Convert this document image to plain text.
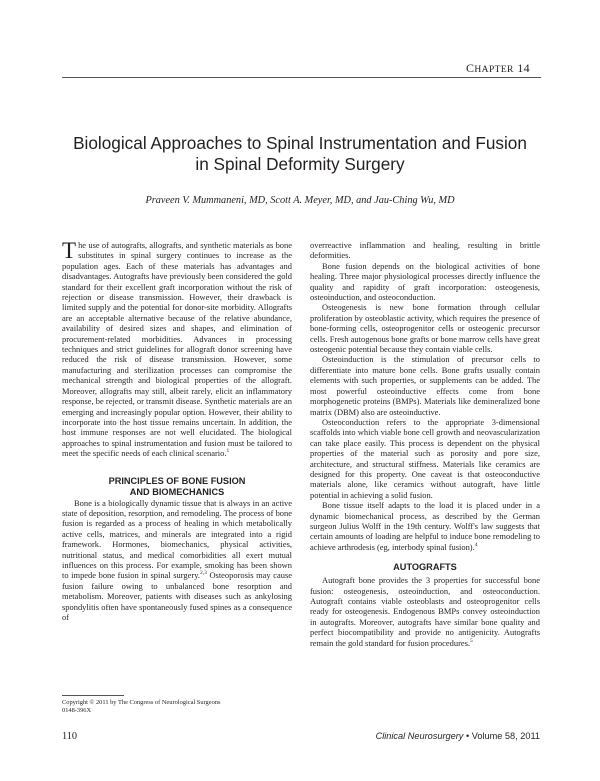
CHAPTER 14
Biological Approaches to Spinal Instrumentation and Fusion
in Spinal Deformity Surgery
Praveen V. Mummaneni, MD, Scott A. Meyer, MD, and Jau-Ching Wu, MD

The use of autografts, allografts, and synthetic materials as bone substitutes in spinal surgery continues to increase as the population ages. Each of these materials has advantages and disadvantages. Autografts have previously been considered the gold standard for their excellent graft incorporation without the risk of rejection or disease transmission. However, their drawback is limited supply and the potential for donor-site morbidity. Allografts are an acceptable alternative because of the relative abundance, availability of desired sizes and shapes, and elimination of procurement-related morbidities. Advances in processing techniques and strict guidelines for allograft donor screening have reduced the risk of disease transmission. However, some manufacturing and sterilization processes can compromise the mechanical strength and biological properties of the allograft. Moreover, allografts may still, albeit rarely, elicit an inflammatory response, be rejected, or transmit disease. Synthetic materials are an emerging and increasingly popular option. However, their ability to incorporate into the host tissue remains uncertain. In addition, the host immune responses are not well elucidated. The biological approaches to spinal instrumentation and fusion must be tailored to meet the specific needs of each clinical scenario.$^1$

PRINCIPLES OF BONE FUSION
AND BIOMECHANICS

Bone is a biologically dynamic tissue that is always in an active state of deposition, resorption, and remodeling. The process of bone fusion is regarded as a process of healing in which metabolically active cells, matrices, and minerals are integrated into a rigid framework. Hormones, biomechanics, physical activities, nutritional status, and medical comorbidities all exert mutual influences on this process. For example, smoking has been shown to impede bone fusion in spinal surgery.$^{2,3}$ Osteoporosis may cause fusion failure owing to unbalanced bone resorption and metabolism. Moreover, patients with diseases such as ankylosing spondylitis often have spontaneously fused spines as a consequence of

overreactive inflammation and healing, resulting in brittle deformities.

Bone fusion depends on the biological activities of bone healing. Three major physiological processes directly influence the quality and rapidity of graft incorporation: osteogenesis, osteoinduction, and osteoconduction.

Osteogenesis is new bone formation through cellular proliferation by osteoblastic activity, which requires the presence of bone-forming cells, osteoprogenitor cells or osteogenic precursor cells. Fresh autogenous bone grafts or bone marrow cells have great osteogenic potential because they contain viable cells.

Osteoinduction is the stimulation of precursor cells to differentiate into mature bone cells. Bone grafts usually contain elements with such properties, or supplements can be added. The most powerful osteoinductive effects come from bone morphogenetic proteins (BMPs). Materials like demineralized bone matrix (DBM) also are osteoinductive.

Osteoconduction refers to the appropriate 3-dimensional scaffolds into which viable bone cell growth and neovascularization can take place easily. This process is dependent on the physical properties of the material such as porosity and pore size, architecture, and structural stiffness. Materials like ceramics are designed for this property. One caveat is that osteoconductive materials alone, like ceramics without autograft, have little potential in achieving a solid fusion.

Bone tissue itself adapts to the load it is placed under in a dynamic biomechanical process, as described by the German surgeon Julius Wolff in the 19th century. Wolff's law suggests that certain amounts of loading are helpful to induce bone remodeling to achieve arthrodesis (eg, interbody spinal fusion).$^4$

AUTOGRAFTS

Autograft bone provides the 3 properties for successful bone fusion: osteogenesis, osteoinduction, and osteoconduction. Autograft contains viable osteoblasts and osteoprogenitor cells ready for osteogenesis. Endogenous BMPs convey osteoinduction in autografts. Moreover, autografts have similar bone quality and perfect biocompatibility and provide no antigenicity. Autografts remain the gold standard for fusion procedures.$^5$

Copyright © 2011 by The Congress of Neurological Surgeons
0148-396X
110	Clinical Neurosurgery • Volume 58, 2011
